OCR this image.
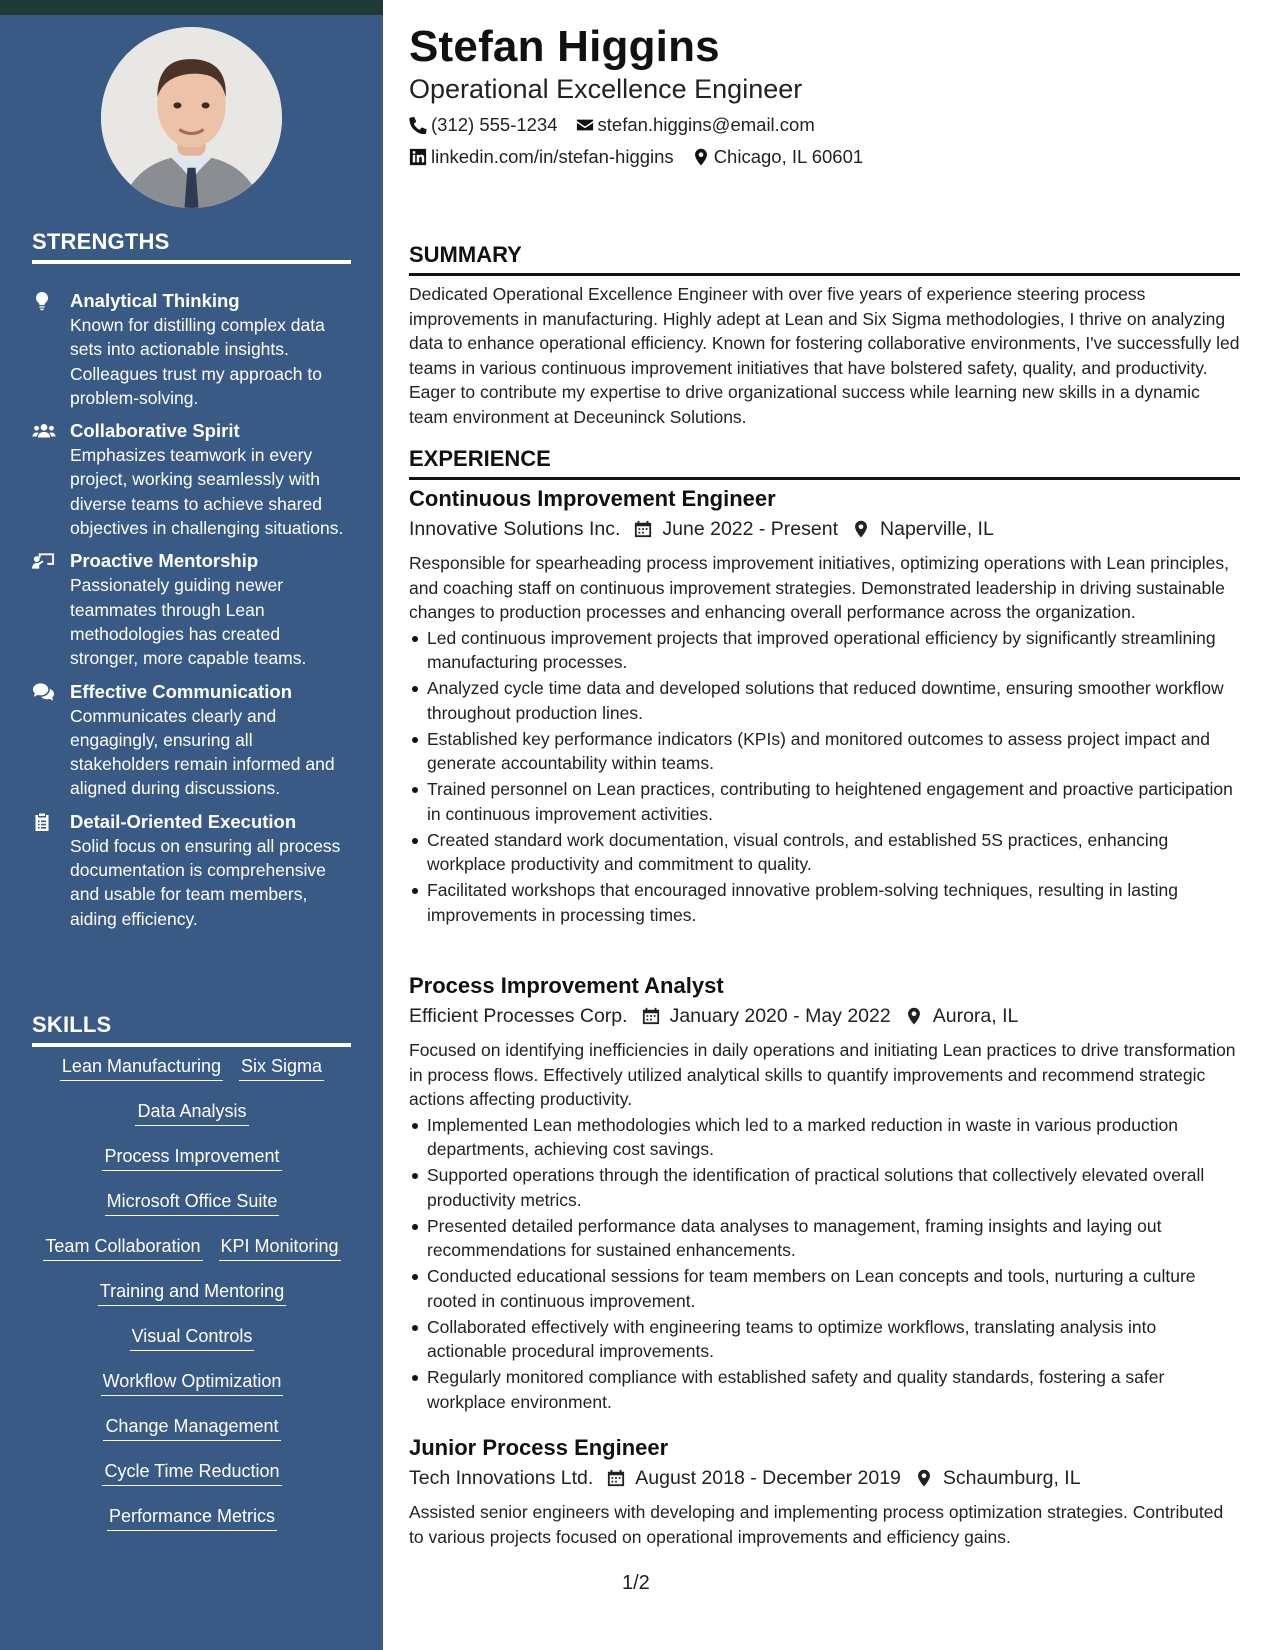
STRENGTHS
Analytical Thinking
Known for distilling complex data sets into actionable insights. Colleagues trust my approach to problem-solving.
Collaborative Spirit
Emphasizes teamwork in every project, working seamlessly with diverse teams to achieve shared objectives in challenging situations.
Proactive Mentorship
Passionately guiding newer teammates through Lean methodologies has created stronger, more capable teams.
Effective Communication
Communicates clearly and engagingly, ensuring all stakeholders remain informed and aligned during discussions.
Detail-Oriented Execution
Solid focus on ensuring all process documentation is comprehensive and usable for team members, aiding efficiency.
SKILLS
Lean Manufacturing Six Sigma
Data Analysis
Process Improvement
Microsoft Office Suite
Team Collaboration KPI Monitoring
Training and Mentoring
Visual Controls
Workflow Optimization
Change Management
Cycle Time Reduction
Performance Metrics
Stefan Higgins
Operational Excellence Engineer
(312) 555-1234 stefan.higgins@email.com
linkedin.com/in/stefan-higgins Chicago, IL 60601
SUMMARY

Dedicated Operational Excellence Engineer with over five years of experience steering process improvements in manufacturing. Highly adept at Lean and Six Sigma methodologies, I thrive on analyzing data to enhance operational efficiency. Known for fostering collaborative environments, I've successfully led teams in various continuous improvement initiatives that have bolstered safety, quality, and productivity. Eager to contribute my expertise to drive organizational success while learning new skills in a dynamic team environment at Deceuninck Solutions.

EXPERIENCE
Continuous Improvement Engineer
Innovative Solutions Inc. June 2022 - Present Naperville, IL
Responsible for spearheading process improvement initiatives, optimizing operations with Lean principles, and coaching staff on continuous improvement strategies. Demonstrated leadership in driving sustainable changes to production processes and enhancing overall performance across the organization.
Led continuous improvement projects that improved operational efficiency by significantly streamlining manufacturing processes.
Analyzed cycle time data and developed solutions that reduced downtime, ensuring smoother workflow throughout production lines.
Established key performance indicators (KPIs) and monitored outcomes to assess project impact and generate accountability within teams.
Trained personnel on Lean practices, contributing to heightened engagement and proactive participation in continuous improvement activities.
Created standard work documentation, visual controls, and established 5S practices, enhancing workplace productivity and commitment to quality.
Facilitated workshops that encouraged innovative problem-solving techniques, resulting in lasting improvements in processing times.
Process Improvement Analyst
Efficient Processes Corp. January 2020 - May 2022 Aurora, IL
Focused on identifying inefficiencies in daily operations and initiating Lean practices to drive transformation in process flows. Effectively utilized analytical skills to quantify improvements and recommend strategic actions affecting productivity.
Implemented Lean methodologies which led to a marked reduction in waste in various production departments, achieving cost savings.
Supported operations through the identification of practical solutions that collectively elevated overall productivity metrics.
Presented detailed performance data analyses to management, framing insights and laying out recommendations for sustained enhancements.
Conducted educational sessions for team members on Lean concepts and tools, nurturing a culture rooted in continuous improvement.
Collaborated effectively with engineering teams to optimize workflows, translating analysis into actionable procedural improvements.
Regularly monitored compliance with established safety and quality standards, fostering a safer workplace environment.
Junior Process Engineer
Tech Innovations Ltd. August 2018 - December 2019 Schaumburg, IL
Assisted senior engineers with developing and implementing process optimization strategies. Contributed to various projects focused on operational improvements and efficiency gains.
1/2
